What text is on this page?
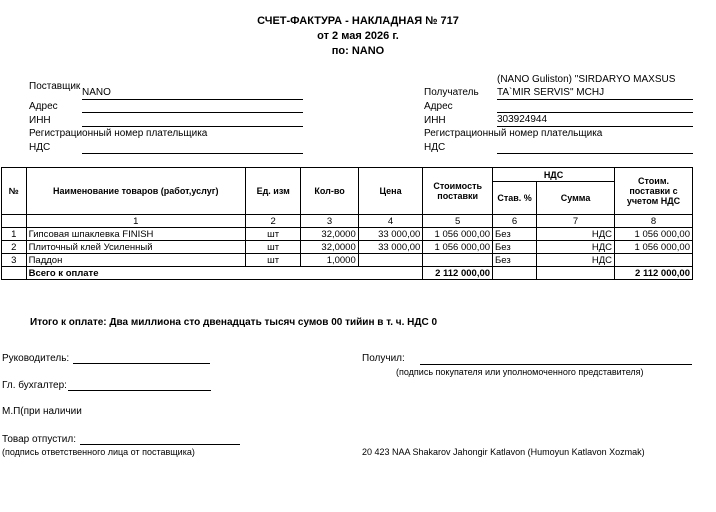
СЧЕТ-ФАКТУРА - НАКЛАДНАЯ № 717
от 2 мая 2026 г.
по: NANO
Поставщик
NANO
Адрес
ИНН
Регистрационный номер плательщика
НДС
(NANO Guliston) "SIRDARYO MAXSUS
Получатель TA`MIR SERVIS" MCHJ
Адрес
ИНН	303924944
Регистрационный номер плательщика
НДС
№	Наименование товаров (работ,услуг)	Ед. изм	Кол-во	Цена	Стоимость поставки	НДС		Стоим. поставки с учетом НДС
						Став. %	Сумма	
	1	2	3	4	5	6	7	8
1	Гипсовая шпаклевка FINISH	шт	32,0000	33 000,00	1 056 000,00	Без	НДС	1 056 000,00
2	Плиточный клей Усиленный	шт	32,0000	33 000,00	1 056 000,00	Без	НДС	1 056 000,00
3	Паддон	шт	1,0000			Без	НДС	
	Всего к оплате				2 112 000,00			2 112 000,00
Итого к оплате: Два миллиона сто двенадцать тысяч сумов 00 тийин в т. ч. НДС 0
Руководитель:
Гл. бухгалтер:
М.П(при наличии
Товар отпустил:
(подпись ответственного лица от поставщика)
Получил:
(подпись покупателя или уполномоченного представителя)
20 423 NAA Shakarov Jahongir Katlavon (Humoyun Katlavon Xozmak)
